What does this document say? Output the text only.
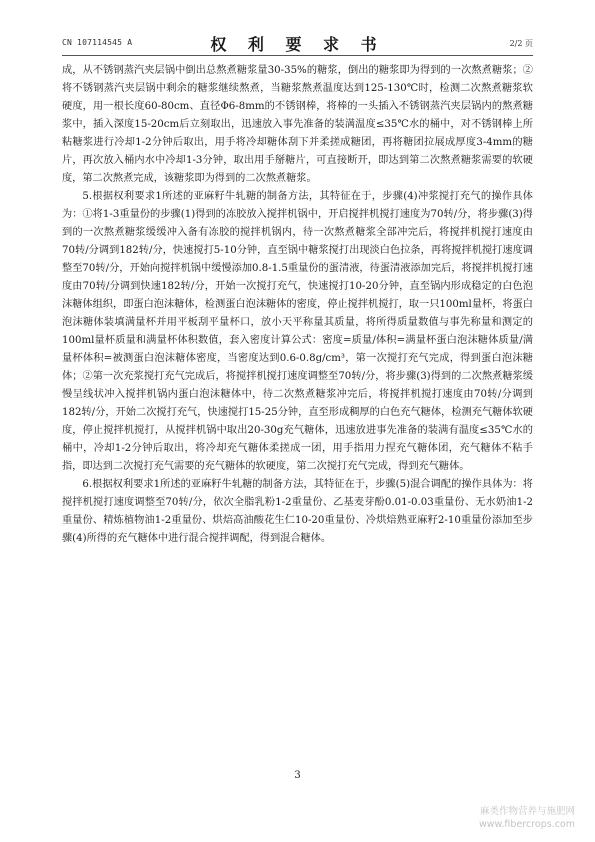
CN 107114545 A	权 利 要 求 书	2/2 页

成，从不锈钢蒸汽夹层锅中倒出总熬煮糖浆量30-35%的糖浆，倒出的糖浆即为得到的一次熬煮糖浆；②将不锈钢蒸汽夹层锅中剩余的糖浆继续熬煮，当糖浆熬煮温度达到125-130℃时，检测二次熬煮糖浆软硬度，用一根长度60-80cm、直径Φ6-8mm的不锈钢棒，将棒的一头插入不锈钢蒸汽夹层锅内的熬煮糖浆中，插入深度15-20cm后立刻取出，迅速放入事先准备的装满温度≤35℃水的桶中，对不锈钢棒上所粘糖浆进行冷却1-2分钟后取出，用手将冷却糖体刮下并柔搓成糖团，再将糖团拉展成厚度3-4mm的糖片，再次放入桶内水中冷却1-3分钟，取出用手掰糖片，可直接断开，即达到第二次熬煮糖浆需要的软硬度，第二次熬煮完成，该糖浆即为得到的二次熬煮糖浆。

5.根据权利要求1所述的亚麻籽牛轧糖的制备方法，其特征在于，步骤(4)冲浆搅打充气的操作具体为：①将1-3重量份的步骤(1)得到的冻胶放入搅拌机锅中，开启搅拌机搅打速度为70转/分，将步骤(3)得到的一次熬煮糖浆缓缓冲入备有冻胶的搅拌机锅内，待一次熬煮糖浆全部冲完后，将搅拌机搅打速度由70转/分调到182转/分，快速搅打5-10分钟，直至锅中糖浆搅打出现淡白色拉条，再将搅拌机搅打速度调整至70转/分，开始向搅拌机锅中缓慢添加0.8-1.5重量份的蛋清液，待蛋清液添加完后，将搅拌机搅打速度由70转/分调到快速182转/分，开始一次搅打充气，快速搅打10-20分钟，直至锅内形成稳定的白色泡沫糖体组织，即蛋白泡沫糖体，检测蛋白泡沫糖体的密度，停止搅拌机搅打，取一只100ml量杯，将蛋白泡沫糖体装填满量杯并用平板刮平量杯口，放小天平称量其质量，将所得质量数值与事先称量和测定的100ml量杯质量和满量杯体积数值，套入密度计算公式：密度=质量/体积=满量杯蛋白泡沫糖体质量/满量杯体积=被测蛋白泡沫糖体密度，当密度达到0.6-0.8g/cm³，第一次搅打充气完成，得到蛋白泡沫糖体；②第一次充浆搅打充气完成后，将搅拌机搅打速度调整至70转/分，将步骤(3)得到的二次熬煮糖浆缓慢呈线状冲入搅拌机锅内蛋白泡沫糖体中，待二次熬煮糖浆冲完后，将搅拌机搅打速度由70转/分调到182转/分，开始二次搅打充气，快速搅打15-25分钟，直至形成稠厚的白色充气糖体，检测充气糖体软硬度，停止搅拌机搅打，从搅拌机锅中取出20-30g充气糖体，迅速放进事先准备的装满有温度≤35℃水的桶中，冷却1-2分钟后取出，将冷却充气糖体柔搓成一团，用手指用力捏充气糖体团，充气糖体不粘手指，即达到二次搅打充气需要的充气糖体的软硬度，第二次搅打充气完成，得到充气糖体。

6.根据权利要求1所述的亚麻籽牛轧糖的制备方法，其特征在于，步骤(5)混合调配的操作具体为：将搅拌机搅打速度调整至70转/分，依次全脂乳粉1-2重量份、乙基麦芽酚0.01-0.03重量份、无水奶油1-2重量份、精炼植物油1-2重量份、烘焙高油酸花生仁10-20重量份、冷烘焙熟亚麻籽2-10重量份添加至步骤(4)所得的充气糖体中进行混合搅拌调配，得到混合糖体。

3
麻类作物营养与施肥网
www.fibercrops.com
